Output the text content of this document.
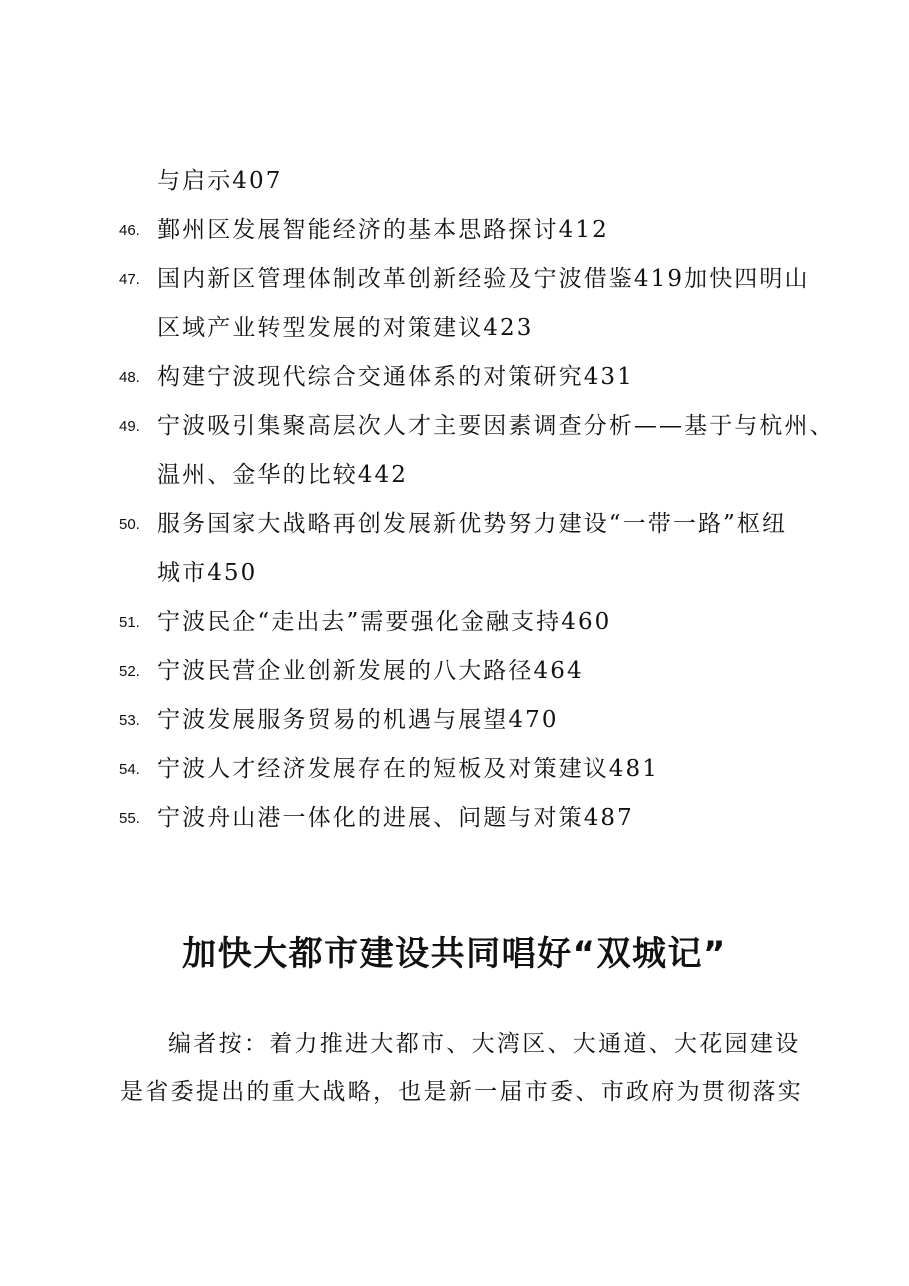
与启示407
46. 鄞州区发展智能经济的基本思路探讨412
47. 国内新区管理体制改革创新经验及宁波借鉴419加快四明山
区域产业转型发展的对策建议423
48. 构建宁波现代综合交通体系的对策研究431
49. 宁波吸引集聚高层次人才主要因素调查分析——基于与杭州、
温州、金华的比较442
50. 服务国家大战略再创发展新优势努力建设“一带一路”枢纽
城市450
51. 宁波民企“走出去”需要强化金融支持460
52. 宁波民营企业创新发展的八大路径464
53. 宁波发展服务贸易的机遇与展望470
54. 宁波人才经济发展存在的短板及对策建议481
55. 宁波舟山港一体化的进展、问题与对策487
加快大都市建设共同唱好“双城记”
编者按：着力推进大都市、大湾区、大通道、大花园建设
是省委提出的重大战略，也是新一届市委、市政府为贯彻落实
